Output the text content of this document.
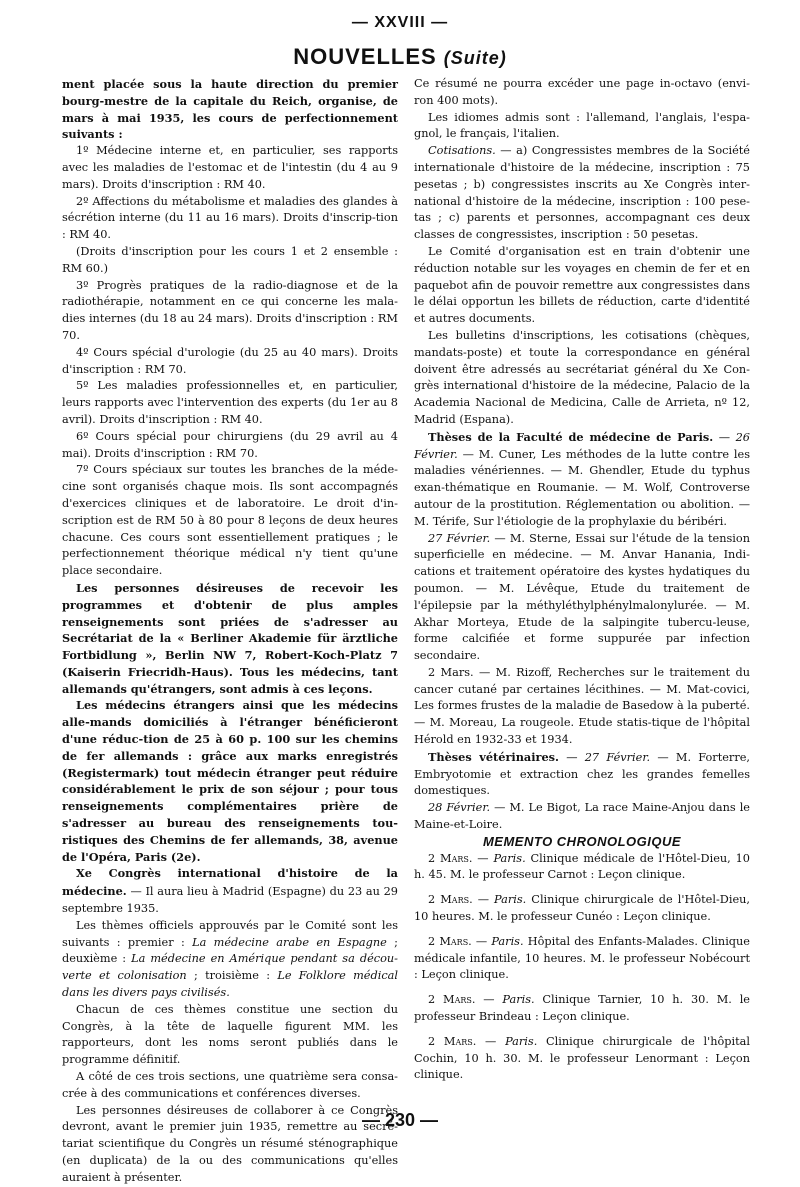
— XXVIII —
NOUVELLES (Suite)

ment placée sous la haute direction du premier bourg-mestre de la capitale du Reich, organise, de mars à mai 1935, les cours de perfectionnement suivants :

1º Médecine interne et, en particulier, ses rapports avec les maladies de l'estomac et de l'intestin (du 4 au 9 mars). Droits d'inscription : RM 40.

2º Affections du métabolisme et maladies des glandes à sécrétion interne (du 11 au 16 mars). Droits d'inscrip-tion : RM 40.

(Droits d'inscription pour les cours 1 et 2 ensemble : RM 60.)

3º Progrès pratiques de la radio-diagnose et de la radiothérapie, notamment en ce qui concerne les mala-dies internes (du 18 au 24 mars). Droits d'inscription : RM 70.

4º Cours spécial d'urologie (du 25 au 40 mars). Droits d'inscription : RM 70.

5º Les maladies professionnelles et, en particulier, leurs rapports avec l'intervention des experts (du 1er au 8 avril). Droits d'inscription : RM 40.

6º Cours spécial pour chirurgiens (du 29 avril au 4 mai). Droits d'inscription : RM 70.

7º Cours spéciaux sur toutes les branches de la méde-cine sont organisés chaque mois. Ils sont accompagnés d'exercices cliniques et de laboratoire. Le droit d'in-scription est de RM 50 à 80 pour 8 leçons de deux heures chacune. Ces cours sont essentiellement pratiques ; le perfectionnement théorique médical n'y tient qu'une place secondaire.

Les personnes désireuses de recevoir les programmes et d'obtenir de plus amples renseignements sont priées de s'adresser au Secrétariat de la « Berliner Akademie für ärztliche Fortbidlung », Berlin NW 7, Robert-Koch-Platz 7 (Kaiserin Friecridh-Haus). Tous les médecins, tant allemands qu'étrangers, sont admis à ces leçons.

Les médecins étrangers ainsi que les médecins alle-mands domiciliés à l'étranger bénéficieront d'une réduc-tion de 25 à 60 p. 100 sur les chemins de fer allemands : grâce aux marks enregistrés (Registermark) tout médecin étranger peut réduire considérablement le prix de son séjour ; pour tous renseignements complémentaires prière de s'adresser au bureau des renseignements tou-ristiques des Chemins de fer allemands, 38, avenue de l'Opéra, Paris (2e).

Xe Congrès international d'histoire de la médecine. — Il aura lieu à Madrid (Espagne) du 23 au 29 septembre 1935.

Les thèmes officiels approuvés par le Comité sont les suivants : premier : La médecine arabe en Espagne ; deuxième : La médecine en Amérique pendant sa décou-verte et colonisation ; troisième : Le Folklore médical dans les divers pays civilisés.

Chacun de ces thèmes constitue une section du Congrès, à la tête de laquelle figurent MM. les rapporteurs, dont les noms seront publiés dans le programme définitif.

A côté de ces trois sections, une quatrième sera consa-crée à des communications et conférences diverses.

Les personnes désireuses de collaborer à ce Congrès devront, avant le premier juin 1935, remettre au secré-tariat scientifique du Congrès un résumé sténographique (en duplicata) de la ou des communications qu'elles auraient à présenter.

Ce résumé ne pourra excéder une page in-octavo (envi-ron 400 mots).

Les idiomes admis sont : l'allemand, l'anglais, l'espa-gnol, le français, l'italien.

Cotisations. — a) Congressistes membres de la Société internationale d'histoire de la médecine, inscription : 75 pesetas ; b) congressistes inscrits au Xe Congrès inter-national d'histoire de la médecine, inscription : 100 pese-tas ; c) parents et personnes, accompagnant ces deux classes de congressistes, inscription : 50 pesetas.

Le Comité d'organisation est en train d'obtenir une réduction notable sur les voyages en chemin de fer et en paquebot afin de pouvoir remettre aux congressistes dans le délai opportun les billets de réduction, carte d'identité et autres documents.

Les bulletins d'inscriptions, les cotisations (chèques, mandats-poste) et toute la correspondance en général doivent être adressés au secrétariat général du Xe Con-grès international d'histoire de la médecine, Palacio de la Academia Nacional de Medicina, Calle de Arrieta, nº 12, Madrid (Espana).

Thèses de la Faculté de médecine de Paris. — 26 Février. — M. Cuner, Les méthodes de la lutte contre les maladies vénériennes. — M. Ghendler, Etude du typhus exan-thématique en Roumanie. — M. Wolf, Controverse autour de la prostitution. Réglementation ou abolition. — M. Térife, Sur l'étiologie de la prophylaxie du béribéri.

27 Février. — M. Sterne, Essai sur l'étude de la tension superficielle en médecine. — M. Anvar Hanania, Indi-cations et traitement opératoire des kystes hydatiques du poumon. — M. Lévêque, Etude du traitement de l'épilepsie par la méthyléthylphénylmalonylurée. — M. Akhar Morteya, Etude de la salpingite tubercu-leuse, forme calcifiée et forme suppurée par infection secondaire.

2 Mars. — M. Rizoff, Recherches sur le traitement du cancer cutané par certaines lécithines. — M. Mat-covici, Les formes frustes de la maladie de Basedow à la puberté. — M. Moreau, La rougeole. Etude statis-tique de l'hôpital Hérold en 1932-33 et 1934.

Thèses vétérinaires. — 27 Février. — M. Forterre, Embryotomie et extraction chez les grandes femelles domestiques.

28 Février. — M. Le Bigot, La race Maine-Anjou dans le Maine-et-Loire.

MEMENTO CHRONOLOGIQUE

2 Mars. — Paris. Clinique médicale de l'Hôtel-Dieu, 10 h. 45. M. le professeur Carnot : Leçon clinique.

2 Mars. — Paris. Clinique chirurgicale de l'Hôtel-Dieu, 10 heures. M. le professeur Cunéo : Leçon clinique.

2 Mars. — Paris. Hôpital des Enfants-Malades. Clinique médicale infantile, 10 heures. M. le professeur Nobécourt : Leçon clinique.

2 Mars. — Paris. Clinique Tarnier, 10 h. 30. M. le professeur Brindeau : Leçon clinique.

2 Mars. — Paris. Clinique chirurgicale de l'hôpital Cochin, 10 h. 30. M. le professeur Lenormant : Leçon clinique.

— 230 —
